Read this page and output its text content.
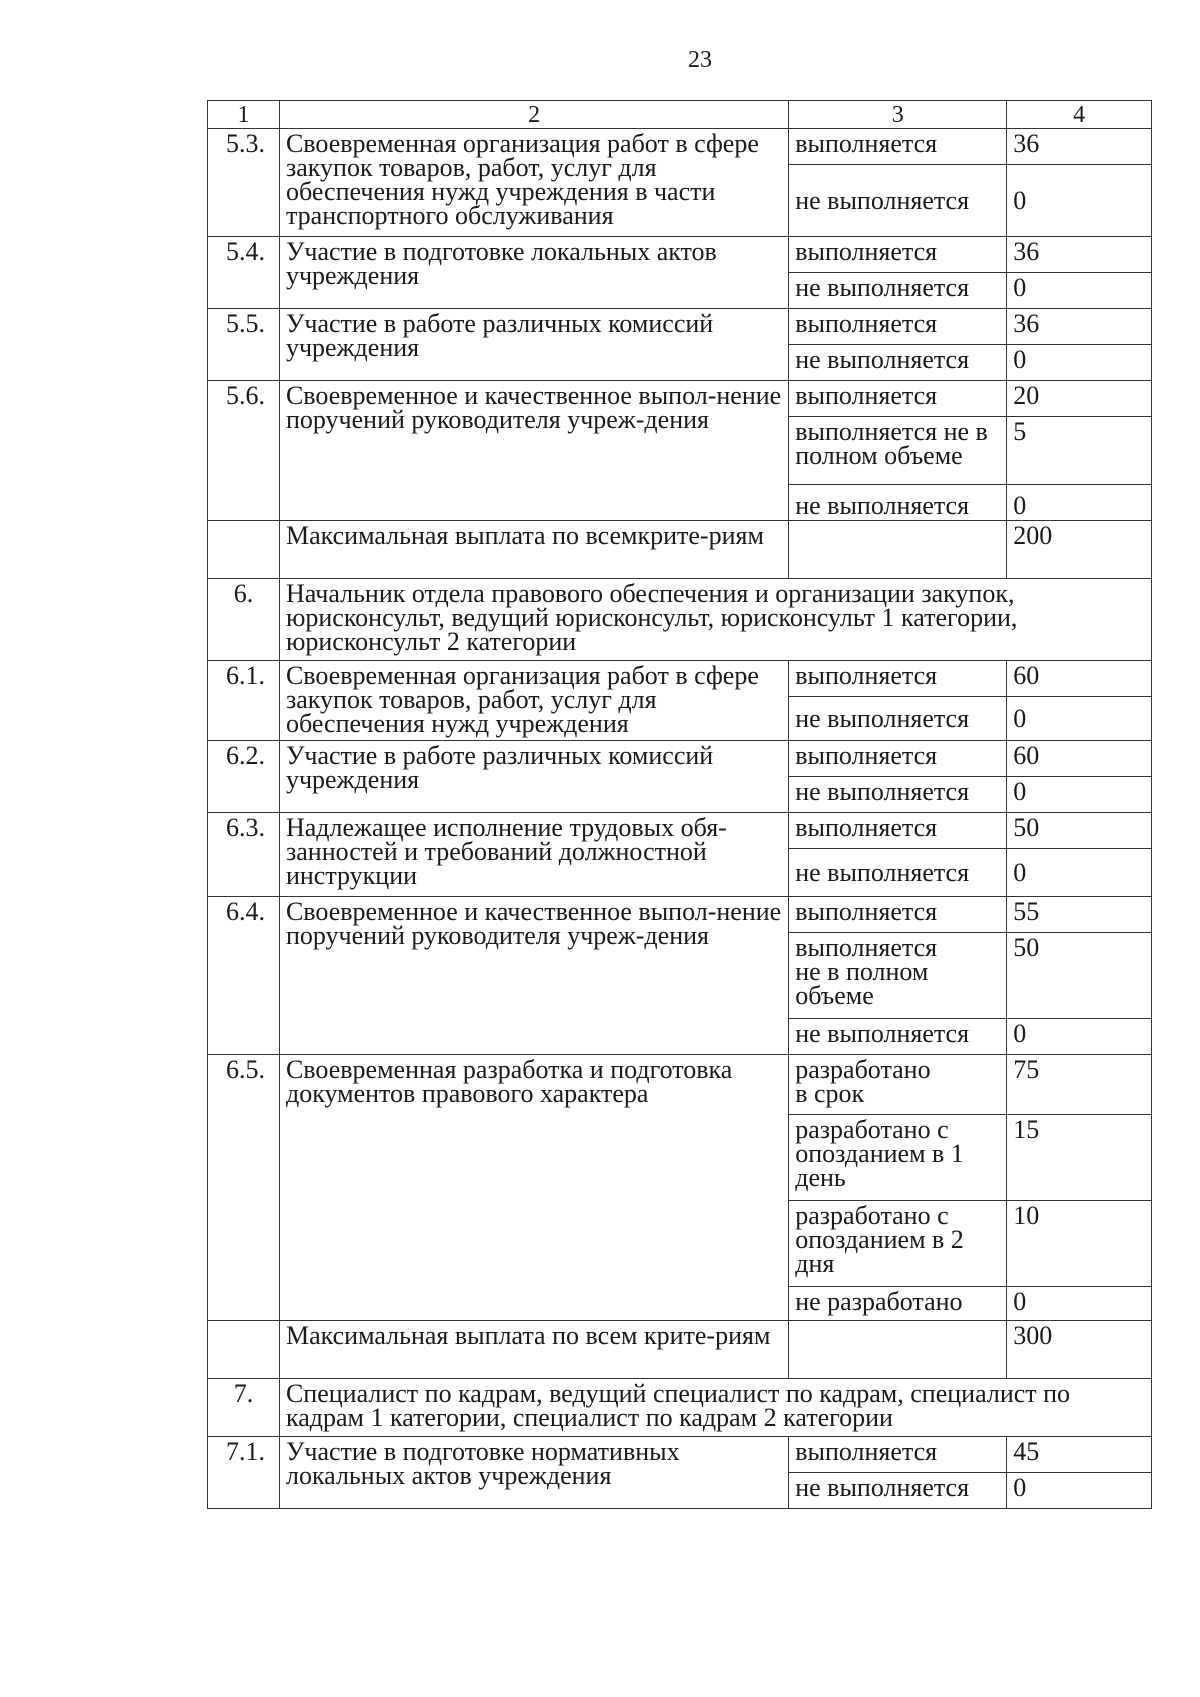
23
1	2	3	4
5.3.	Своевременная организация работ в сфере закупок товаров, работ, услуг для обеспечения нужд учреждения в части транспортного обслуживания	выполняется	36
		не выполняется	0
5.4.	Участие в подготовке локальных актов учреждения	выполняется	36
		не выполняется	0
5.5.	Участие в работе различных комиссий учреждения	выполняется	36
		не выполняется	0
5.6.	Своевременное и качественное выпол-нение поручений руководителя учреж-дения	выполняется	20
		выполняется не в полном объеме	5
		не выполняется	0
	Максимальная выплата по всемкрите-риям		200
6.	Начальник отдела правового обеспечения и организации закупок, юрисконсульт, ведущий юрисконсульт, юрисконсульт 1 категории, юрисконсульт 2 категории		
6.1.	Своевременная организация работ в сфере закупок товаров, работ, услуг для обеспечения нужд учреждения	выполняется	60
		не выполняется	0
6.2.	Участие в работе различных комиссий учреждения	выполняется	60
		не выполняется	0
6.3.	Надлежащее исполнение трудовых обя-занностей и требований должностной инструкции	выполняется	50
		не выполняется	0
6.4.	Своевременное и качественное выпол-нение поручений руководителя учреж-дения	выполняется	55
		выполняется не в полном объеме	50
		не выполняется	0
6.5.	Своевременная разработка и подготовка документов правового характера	разработано в срок	75
		разработано с опозданием в 1 день	15
		разработано с опозданием в 2 дня	10
		не разработано	0
	Максимальная выплата по всем крите-риям		300
7.	Специалист по кадрам, ведущий специалист по кадрам, специалист по кадрам 1 категории, специалист по кадрам 2 категории		
7.1.	Участие в подготовке нормативных локальных актов учреждения	выполняется	45
		не выполняется	0
